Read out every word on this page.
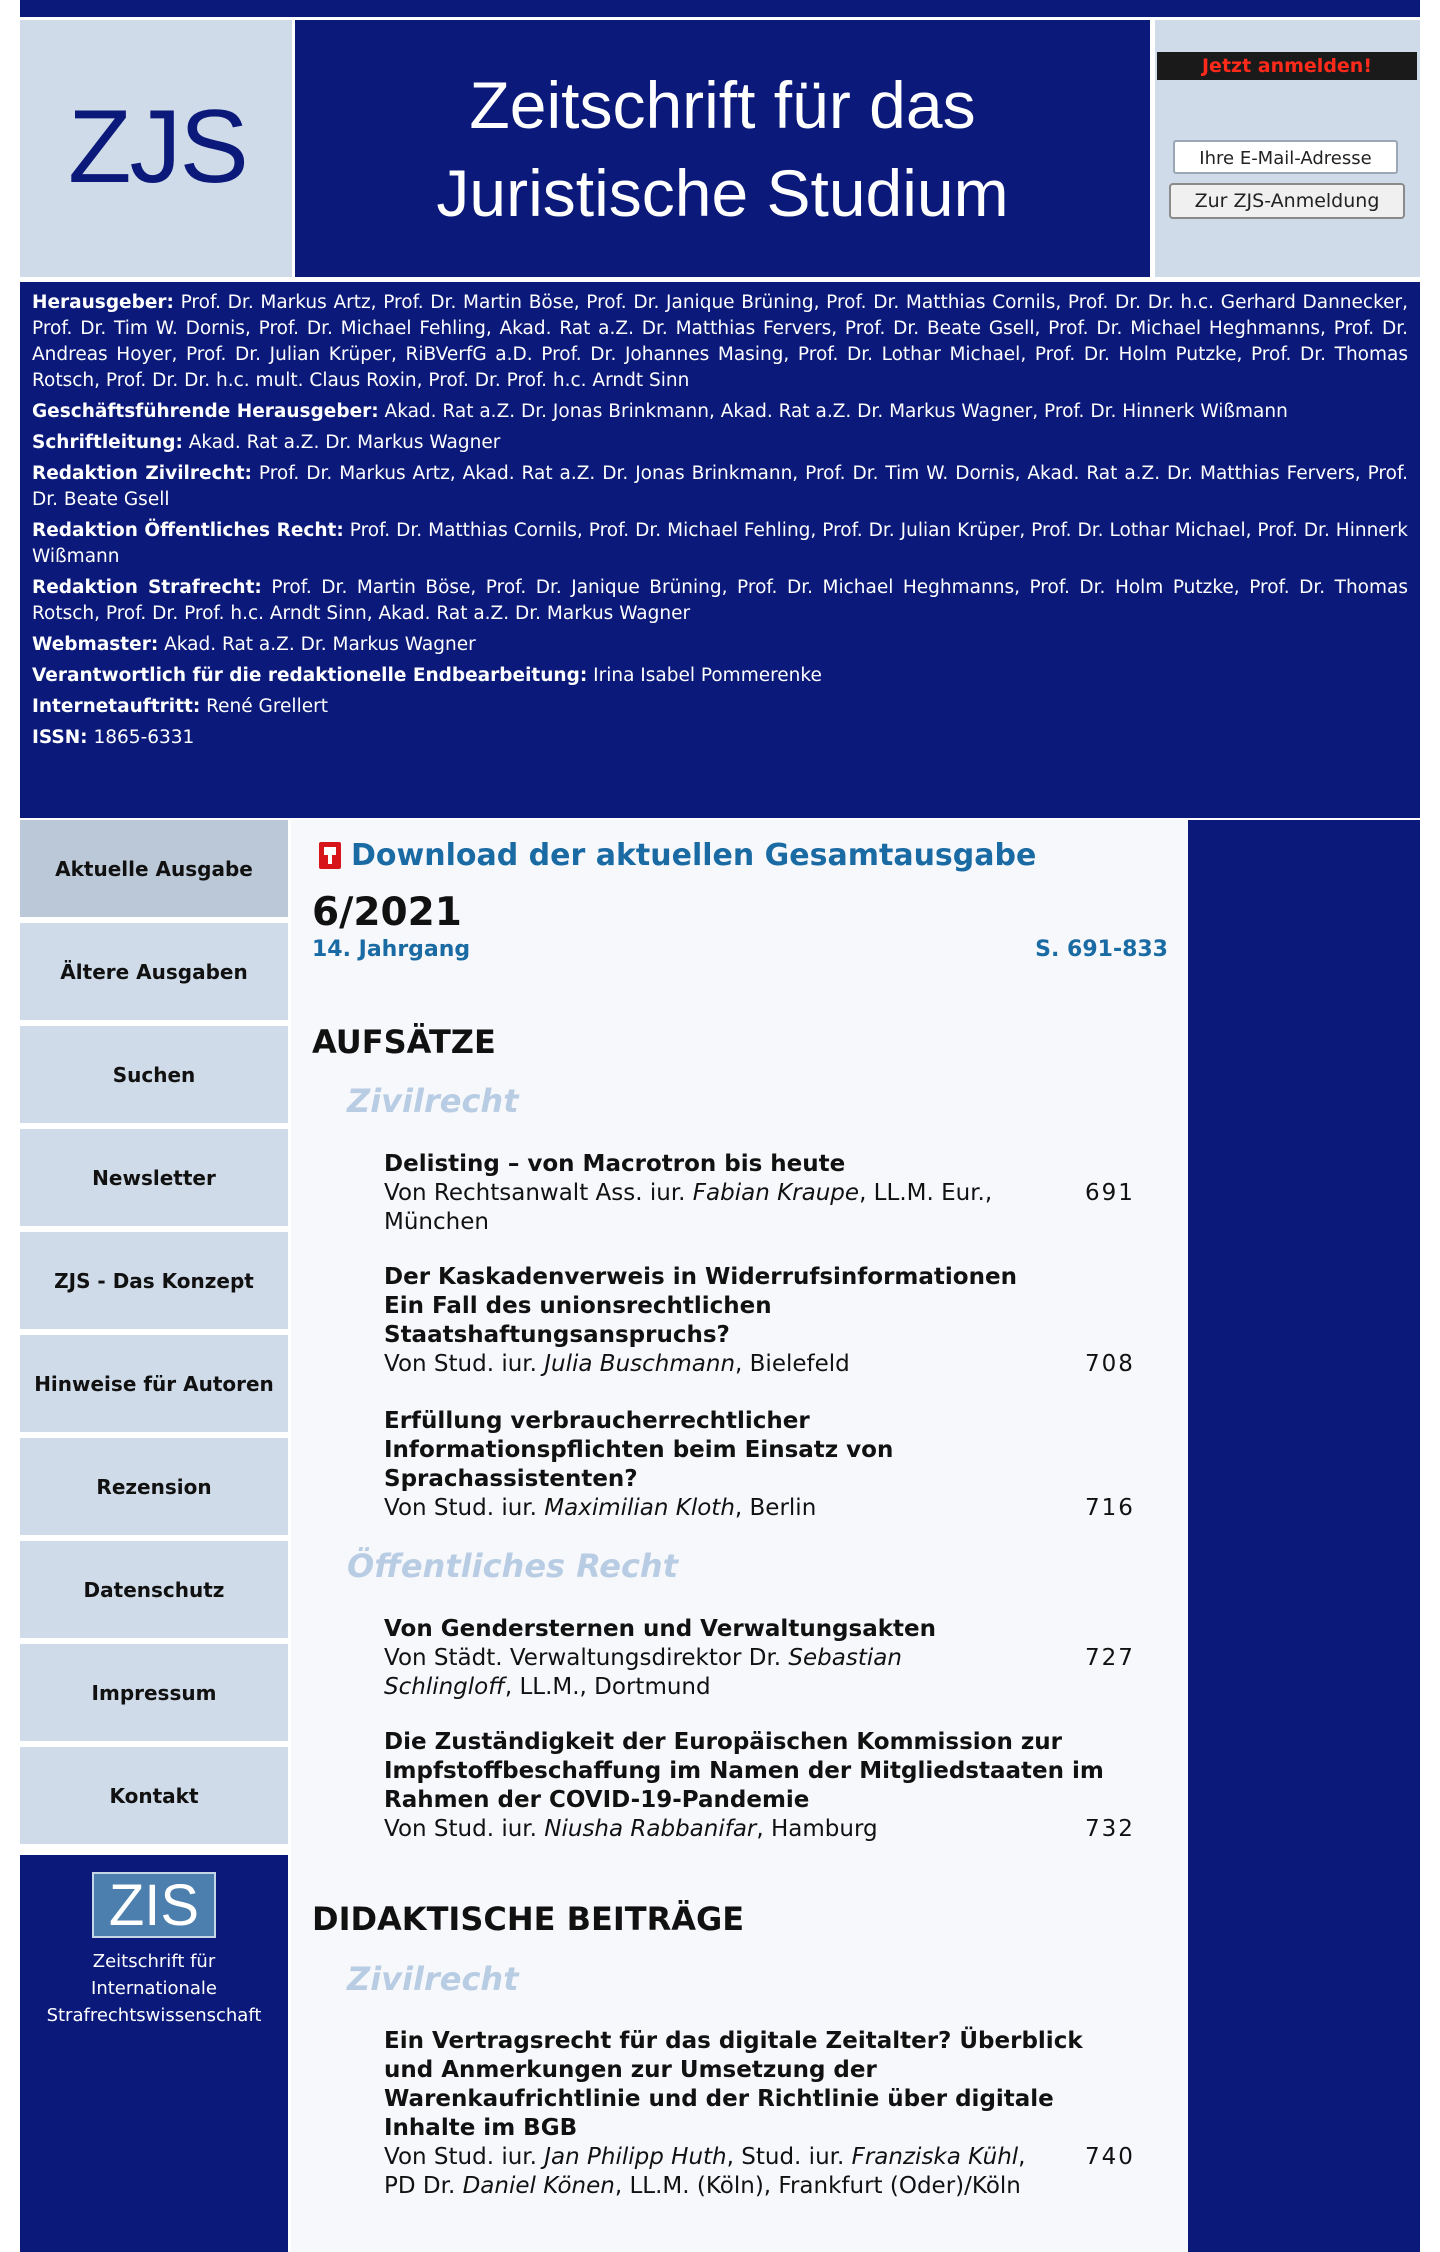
ZJS	Zeitschrift für das
Juristische Studium
Jetzt anmelden!
Ihre E-Mail-Adresse
Zur ZJS-Anmeldung

Herausgeber: Prof. Dr. Markus Artz, Prof. Dr. Martin Böse, Prof. Dr. Janique Brüning, Prof. Dr. Matthias Cornils, Prof. Dr. Dr. h.c. Gerhard Dannecker, Prof. Dr. Tim W. Dornis, Prof. Dr. Michael Fehling, Akad. Rat a.Z. Dr. Matthias Fervers, Prof. Dr. Beate Gsell, Prof. Dr. Michael Heghmanns, Prof. Dr. Andreas Hoyer, Prof. Dr. Julian Krüper, RiBVerfG a.D. Prof. Dr. Johannes Masing, Prof. Dr. Lothar Michael, Prof. Dr. Holm Putzke, Prof. Dr. Thomas Rotsch, Prof. Dr. Dr. h.c. mult. Claus Roxin, Prof. Dr. Prof. h.c. Arndt Sinn

Geschäftsführende Herausgeber: Akad. Rat a.Z. Dr. Jonas Brinkmann, Akad. Rat a.Z. Dr. Markus Wagner, Prof. Dr. Hinnerk Wißmann

Schriftleitung: Akad. Rat a.Z. Dr. Markus Wagner

Redaktion Zivilrecht: Prof. Dr. Markus Artz, Akad. Rat a.Z. Dr. Jonas Brinkmann, Prof. Dr. Tim W. Dornis, Akad. Rat a.Z. Dr. Matthias Fervers, Prof. Dr. Beate Gsell

Redaktion Öffentliches Recht: Prof. Dr. Matthias Cornils, Prof. Dr. Michael Fehling, Prof. Dr. Julian Krüper, Prof. Dr. Lothar Michael, Prof. Dr. Hinnerk Wißmann

Redaktion Strafrecht: Prof. Dr. Martin Böse, Prof. Dr. Janique Brüning, Prof. Dr. Michael Heghmanns, Prof. Dr. Holm Putzke, Prof. Dr. Thomas Rotsch, Prof. Dr. Prof. h.c. Arndt Sinn, Akad. Rat a.Z. Dr. Markus Wagner

Webmaster: Akad. Rat a.Z. Dr. Markus Wagner

Verantwortlich für die redaktionelle Endbearbeitung: Irina Isabel Pommerenke

Internetauftritt: René Grellert

ISSN: 1865-6331

Aktuelle Ausgabe
Ältere Ausgaben
Suchen
Newsletter
ZJS - Das Konzept
Hinweise für Autoren
Rezension
Datenschutz
Impressum
Kontakt
ZIS
Zeitschrift für
Internationale
Strafrechtswissenschaft
Download der aktuellen Gesamtausgabe
6/2021
14. Jahrgang	S. 691-833
AUFSÄTZE
Zivilrecht
Delisting – von Macrotron bis heute
Von Rechtsanwalt Ass. iur. Fabian Kraupe, LL.M. Eur., München
691
Der Kaskadenverweis in Widerrufsinformationen Ein Fall des unionsrechtlichen Staatshaftungsanspruchs?
Von Stud. iur. Julia Buschmann, Bielefeld	708
Erfüllung verbraucherrechtlicher Informationspflichten beim Einsatz von Sprachassistenten?
Von Stud. iur. Maximilian Kloth, Berlin	716
Öffentliches Recht
Von Gendersternen und Verwaltungsakten
Von Städt. Verwaltungsdirektor Dr. Sebastian Schlingloff, LL.M., Dortmund
727
Die Zuständigkeit der Europäischen Kommission zur Impfstoffbeschaffung im Namen der Mitgliedstaaten im Rahmen der COVID-19-Pandemie
Von Stud. iur. Niusha Rabbanifar, Hamburg	732
DIDAKTISCHE BEITRÄGE
Zivilrecht
Ein Vertragsrecht für das digitale Zeitalter? Überblick und Anmerkungen zur Umsetzung der Warenkaufrichtlinie und der Richtlinie über digitale Inhalte im BGB
Von Stud. iur. Jan Philipp Huth, Stud. iur. Franziska Kühl, PD Dr. Daniel Könen, LL.M. (Köln), Frankfurt (Oder)/Köln
740
